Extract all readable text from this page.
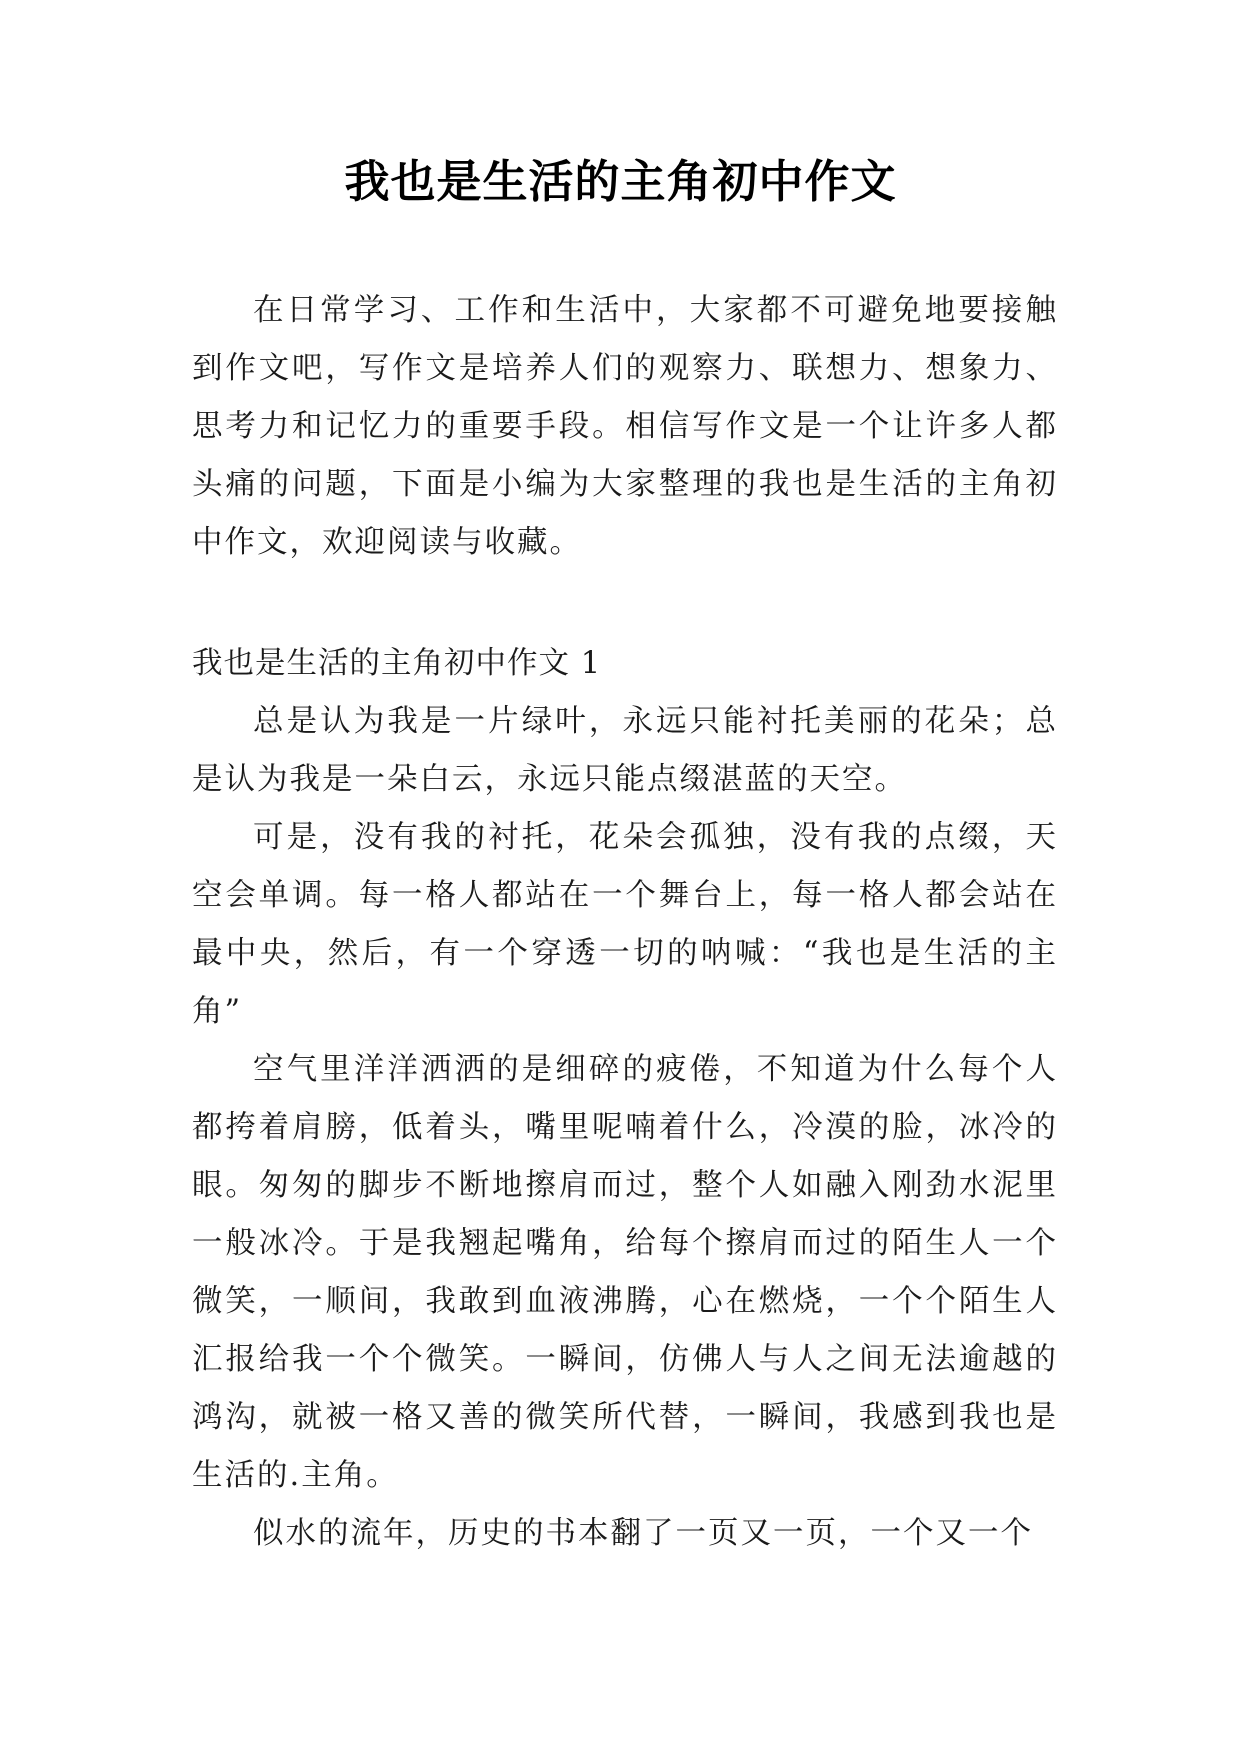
我也是生活的主角初中作文

在日常学习、工作和生活中，大家都不可避免地要接触到作文吧，写作文是培养人们的观察力、联想力、想象力、思考力和记忆力的重要手段。相信写作文是一个让许多人都头痛的问题，下面是小编为大家整理的我也是生活的主角初中作文，欢迎阅读与收藏。

我也是生活的主角初中作文 1

总是认为我是一片绿叶，永远只能衬托美丽的花朵；总是认为我是一朵白云，永远只能点缀湛蓝的天空。

可是，没有我的衬托，花朵会孤独，没有我的点缀，天空会单调。每一格人都站在一个舞台上，每一格人都会站在最中央，然后，有一个穿透一切的呐喊：“我也是生活的主角”

空气里洋洋洒洒的是细碎的疲倦，不知道为什么每个人都挎着肩膀，低着头，嘴里呢喃着什么，冷漠的脸，冰冷的眼。匆匆的脚步不断地擦肩而过，整个人如融入刚劲水泥里一般冰冷。于是我翘起嘴角，给每个擦肩而过的陌生人一个微笑，一顺间，我敢到血液沸腾，心在燃烧，一个个陌生人汇报给我一个个微笑。一瞬间，仿佛人与人之间无法逾越的鸿沟，就被一格又善的微笑所代替，一瞬间，我感到我也是生活的.主角。

似水的流年，历史的书本翻了一页又一页，一个又一个
